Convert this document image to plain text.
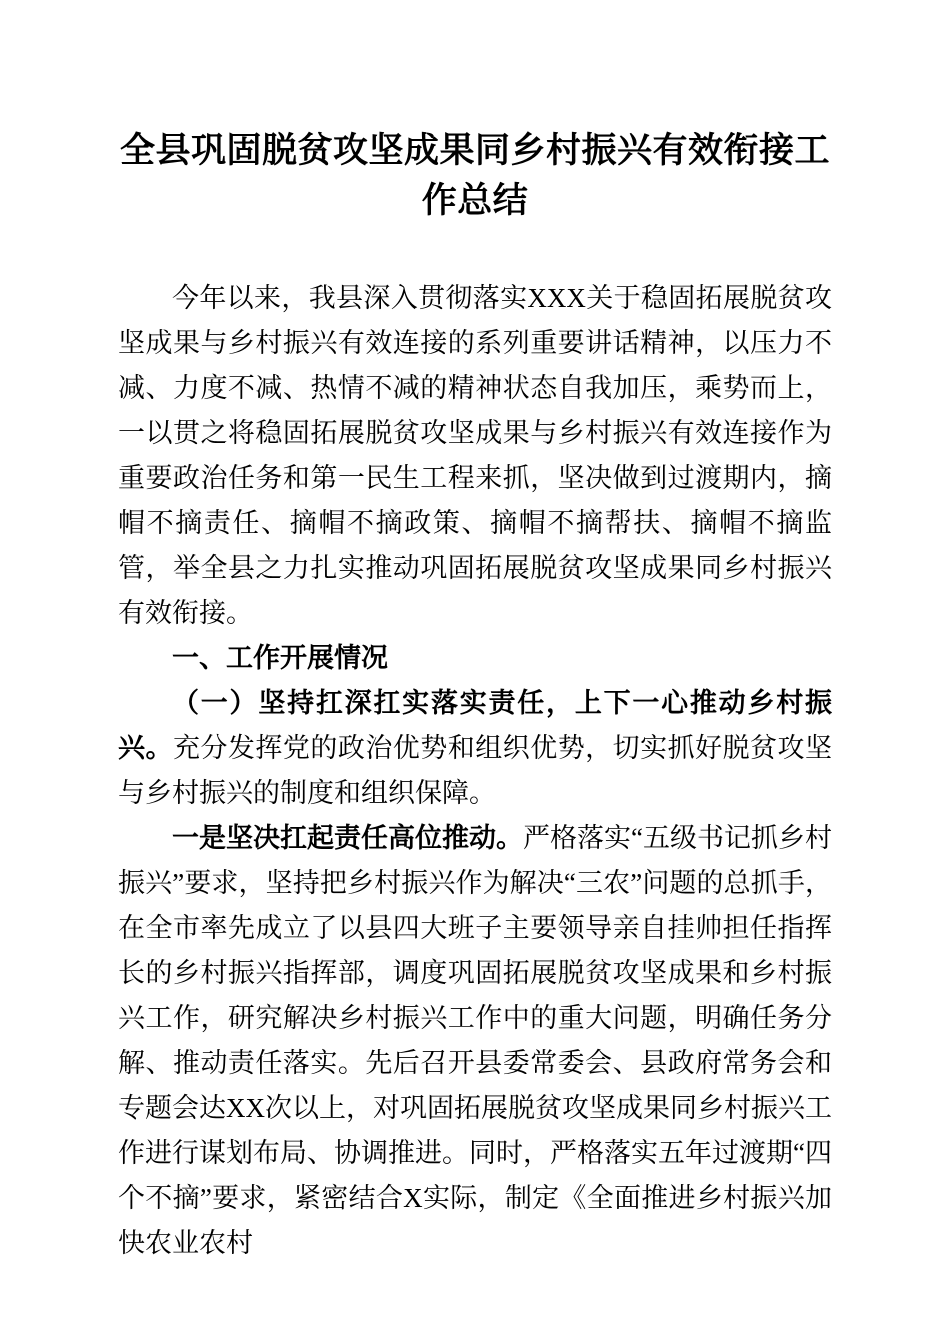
全县巩固脱贫攻坚成果同乡村振兴有效衔接工作总结

今年以来，我县深入贯彻落实XXX关于稳固拓展脱贫攻坚成果与乡村振兴有效连接的系列重要讲话精神，以压力不减、力度不减、热情不减的精神状态自我加压，乘势而上，一以贯之将稳固拓展脱贫攻坚成果与乡村振兴有效连接作为重要政治任务和第一民生工程来抓，坚决做到过渡期内，摘帽不摘责任、摘帽不摘政策、摘帽不摘帮扶、摘帽不摘监管，举全县之力扎实推动巩固拓展脱贫攻坚成果同乡村振兴有效衔接。

一、工作开展情况

（一）坚持扛深扛实落实责任，上下一心推动乡村振兴。充分发挥党的政治优势和组织优势，切实抓好脱贫攻坚与乡村振兴的制度和组织保障。

一是坚决扛起责任高位推动。严格落实“五级书记抓乡村振兴”要求，坚持把乡村振兴作为解决“三农”问题的总抓手，在全市率先成立了以县四大班子主要领导亲自挂帅担任指挥长的乡村振兴指挥部，调度巩固拓展脱贫攻坚成果和乡村振兴工作，研究解决乡村振兴工作中的重大问题，明确任务分解、推动责任落实。先后召开县委常委会、县政府常务会和专题会达XX次以上，对巩固拓展脱贫攻坚成果同乡村振兴工作进行谋划布局、协调推进。同时，严格落实五年过渡期“四个不摘”要求，紧密结合X实际，制定《全面推进乡村振兴加快农业农村
